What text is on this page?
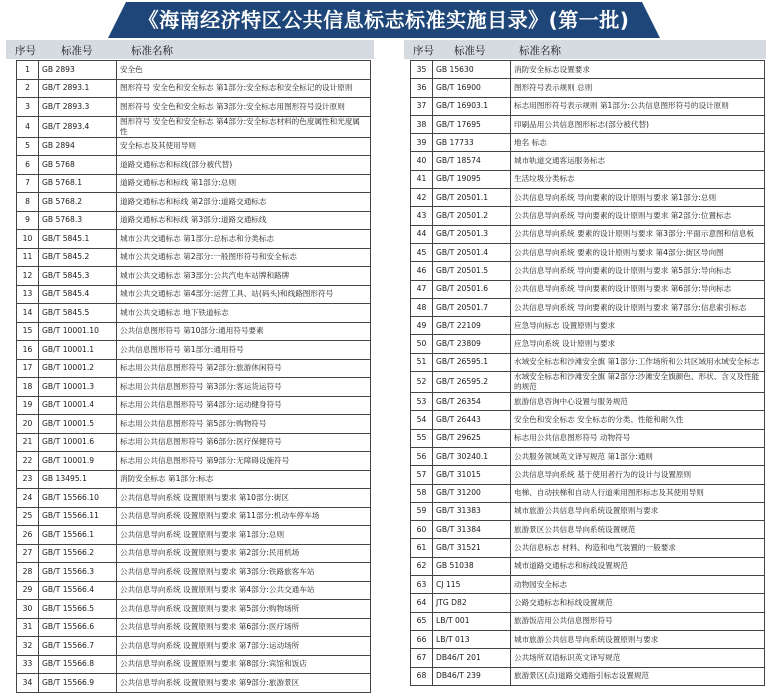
《海南经济特区公共信息标志标准实施目录》(第一批)
序号 标准号	标准名称	序号 标准号	标准名称
1	GB 2893	安全色
2	GB/T 2893.1	图形符号 安全色和安全标志 第1部分:安全标志和安全标记的设计原则
3	GB/T 2893.3	图形符号 安全色和安全标志 第3部分:安全标志用图形符号设计原则
4	GB/T 2893.4	图形符号 安全色和安全标志 第4部分:安全标志材料的色度属性和光度属性
5	GB 2894	安全标志及其使用导则
6	GB 5768	道路交通标志和标线(部分被代替)
7	GB 5768.1	道路交通标志和标线 第1部分:总则
8	GB 5768.2	道路交通标志和标线 第2部分:道路交通标志
9	GB 5768.3	道路交通标志和标线 第3部分:道路交通标线
10	GB/T 5845.1	城市公共交通标志 第1部分:总标志和分类标志
11	GB/T 5845.2	城市公共交通标志 第2部分:一般图形符号和安全标志
12	GB/T 5845.3	城市公共交通标志 第3部分:公共汽电车站牌和路牌
13	GB/T 5845.4	城市公共交通标志 第4部分:运营工具、站(码头)和线路图形符号
14	GB/T 5845.5	城市公共交通标志 地下铁道标志
15	GB/T 10001.10	公共信息图形符号 第10部分:通用符号要素
16	GB/T 10001.1	公共信息图形符号 第1部分:通用符号
17	GB/T 10001.2	标志用公共信息图形符号 第2部分:旅游休闲符号
18	GB/T 10001.3	标志用公共信息图形符号 第3部分:客运货运符号
19	GB/T 10001.4	标志用公共信息图形符号 第4部分:运动健身符号
20	GB/T 10001.5	标志用公共信息图形符号 第5部分:购物符号
21	GB/T 10001.6	标志用公共信息图形符号 第6部分:医疗保健符号
22	GB/T 10001.9	标志用公共信息图形符号 第9部分:无障碍设施符号
23	GB 13495.1	消防安全标志 第1部分:标志
24	GB/T 15566.10	公共信息导向系统 设置原则与要求 第10部分:街区
25	GB/T 15566.11	公共信息导向系统 设置原则与要求 第11部分:机动车停车场
26	GB/T 15566.1	公共信息导向系统 设置原则与要求 第1部分:总则
27	GB/T 15566.2	公共信息导向系统 设置原则与要求 第2部分:民用机场
28	GB/T 15566.3	公共信息导向系统 设置原则与要求 第3部分:铁路旅客车站
29	GB/T 15566.4	公共信息导向系统 设置原则与要求 第4部分:公共交通车站
30	GB/T 15566.5	公共信息导向系统 设置原则与要求 第5部分:购物场所
31	GB/T 15566.6	公共信息导向系统 设置原则与要求 第6部分:医疗场所
32	GB/T 15566.7	公共信息导向系统 设置原则与要求 第7部分:运动场所
33	GB/T 15566.8	公共信息导向系统 设置原则与要求 第8部分:宾馆和饭店
34	GB/T 15566.9	公共信息导向系统 设置原则与要求 第9部分:旅游景区
35	GB 15630	消防安全标志设置要求
36	GB/T 16900	图形符号表示规则 总则
37	GB/T 16903.1	标志用图形符号表示规则 第1部分:公共信息图形符号的设计原则
38	GB/T 17695	印刷品用公共信息图形标志(部分被代替)
39	GB 17733	地名 标志
40	GB/T 18574	城市轨道交通客运服务标志
41	GB/T 19095	生活垃圾分类标志
42	GB/T 20501.1	公共信息导向系统 导向要素的设计原则与要求 第1部分:总则
43	GB/T 20501.2	公共信息导向系统 导向要素的设计原则与要求 第2部分:位置标志
44	GB/T 20501.3	公共信息导向系统 要素的设计原则与要求 第3部分:平面示意图和信息板
45	GB/T 20501.4	公共信息导向系统 要素的设计原则与要求 第4部分:街区导向图
46	GB/T 20501.5	公共信息导向系统 导向要素的设计原则与要求 第5部分:导向标志
47	GB/T 20501.6	公共信息导向系统 导向要素的设计原则与要求 第6部分:导向标志
48	GB/T 20501.7	公共信息导向系统 导向要素的设计原则与要求 第7部分:信息索引标志
49	GB/T 22109	应急导向标志 设置原则与要求
50	GB/T 23809	应急导向系统 设计原则与要求
51	GB/T 26595.1	水域安全标志和沙滩安全旗 第1部分:工作场所和公共区域用水域安全标志
52	GB/T 26595.2	水域安全标志和沙滩安全旗 第2部分:沙滩安全旗颜色、形状、含义及性能的规范
53	GB/T 26354	旅游信息咨询中心设置与服务规范
54	GB/T 26443	安全色和安全标志 安全标志的分类、性能和耐久性
55	GB/T 29625	标志用公共信息图形符号 动物符号
56	GB/T 30240.1	公共服务领域英文译写规范 第1部分:通则
57	GB/T 31015	公共信息导向系统 基于使用者行为的设计与设置原则
58	GB/T 31200	电梯、自动扶梯和自动人行道乘用图形标志及其使用导则
59	GB/T 31383	城市旅游公共信息导向系统设置原则与要求
60	GB/T 31384	旅游景区公共信息导向系统设置规范
61	GB/T 31521	公共信息标志 材料、构造和电气装置的一般要求
62	GB 51038	城市道路交通标志和标线设置规范
63	CJ 115	动物园安全标志
64	JTG D82	公路交通标志和标线设置规范
65	LB/T 001	旅游饭店用公共信息图形符号
66	LB/T 013	城市旅游公共信息导向系统设置原则与要求
67	DB46/T 201	公共场所双语标识英文译写规范
68	DB46/T 239	旅游景区(点)道路交通指引标志设置规范
